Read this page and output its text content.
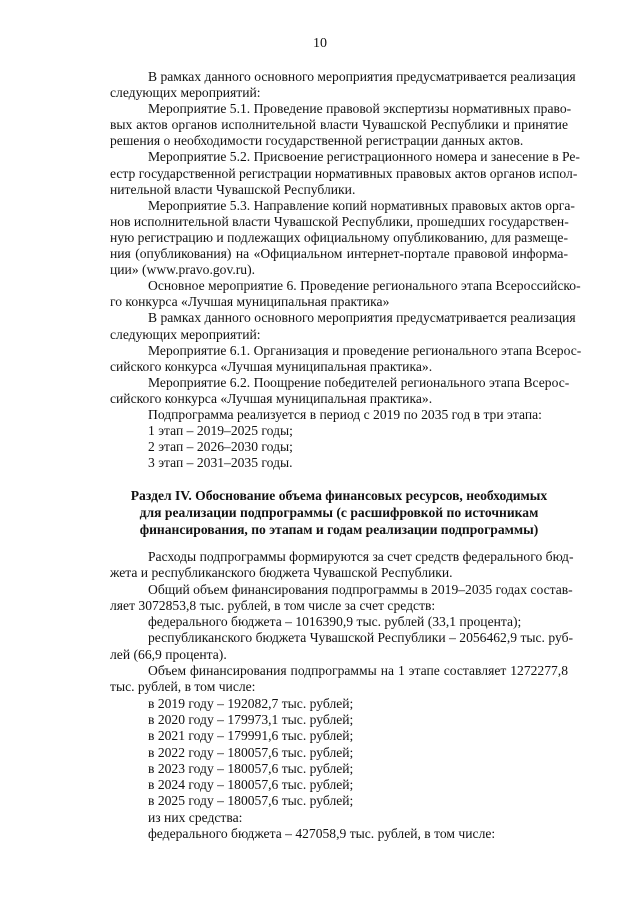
10
В рамках данного основного мероприятия предусматривается реализация
следующих мероприятий:
Мероприятие 5.1. Проведение правовой экспертизы нормативных право-
вых актов органов исполнительной власти Чувашской Республики и принятие
решения о необходимости государственной регистрации данных актов.
Мероприятие 5.2. Присвоение регистрационного номера и занесение в Ре-
естр государственной регистрации нормативных правовых актов органов испол-
нительной власти Чувашской Республики.
Мероприятие 5.3. Направление копий нормативных правовых актов орга-
нов исполнительной власти Чувашской Республики, прошедших государствен-
ную регистрацию и подлежащих официальному опубликованию, для размеще-
ния (опубликования) на «Официальном интернет-портале правовой информа-
ции» (www.pravo.gov.ru).
Основное мероприятие 6. Проведение регионального этапа Всероссийско-
го конкурса «Лучшая муниципальная практика»
В рамках данного основного мероприятия предусматривается реализация
следующих мероприятий:
Мероприятие 6.1. Организация и проведение регионального этапа Всерос-
сийского конкурса «Лучшая муниципальная практика».
Мероприятие 6.2. Поощрение победителей регионального этапа Всерос-
сийского конкурса «Лучшая муниципальная практика».
Подпрограмма реализуется в период с 2019 по 2035 год в три этапа:
1 этап – 2019–2025 годы;
2 этап – 2026–2030 годы;
3 этап – 2031–2035 годы.
Раздел IV. Обоснование объема финансовых ресурсов, необходимых
для реализации подпрограммы (с расшифровкой по источникам
финансирования, по этапам и годам реализации подпрограммы)
Расходы подпрограммы формируются за счет средств федерального бюд-
жета и республиканского бюджета Чувашской Республики.
Общий объем финансирования подпрограммы в 2019–2035 годах состав-
ляет 3072853,8 тыс. рублей, в том числе за счет средств:
федерального бюджета – 1016390,9 тыс. рублей (33,1 процента);
республиканского бюджета Чувашской Республики – 2056462,9 тыс. руб-
лей (66,9 процента).
Объем финансирования подпрограммы на 1 этапе составляет 1272277,8
тыс. рублей, в том числе:
в 2019 году – 192082,7 тыс. рублей;
в 2020 году – 179973,1 тыс. рублей;
в 2021 году – 179991,6 тыс. рублей;
в 2022 году – 180057,6 тыс. рублей;
в 2023 году – 180057,6 тыс. рублей;
в 2024 году – 180057,6 тыс. рублей;
в 2025 году – 180057,6 тыс. рублей;
из них средства:
федерального бюджета – 427058,9 тыс. рублей, в том числе:
